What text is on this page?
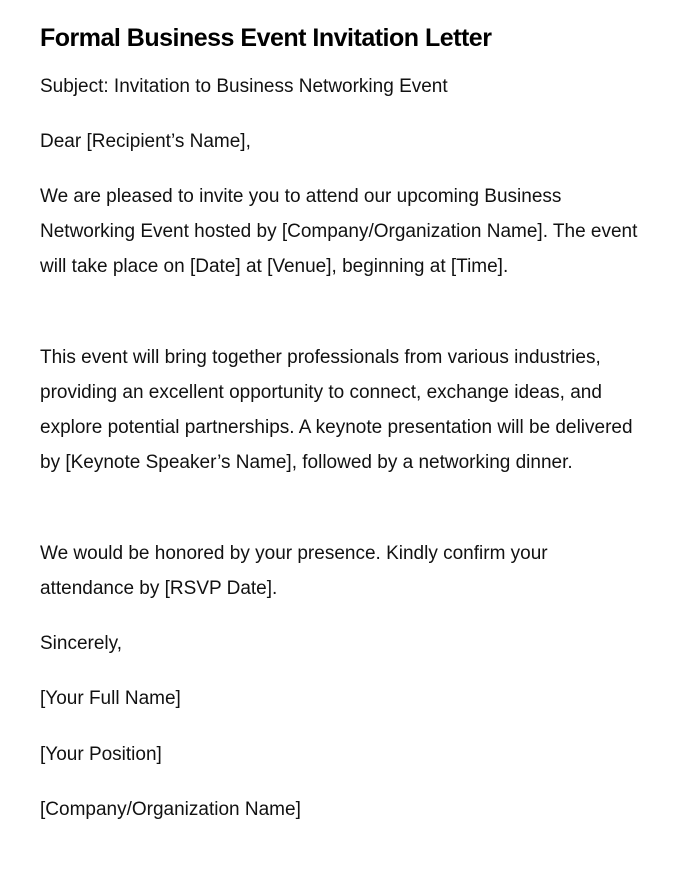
Formal Business Event Invitation Letter

Subject: Invitation to Business Networking Event

Dear [Recipient’s Name],

We are pleased to invite you to attend our upcoming Business Networking Event hosted by [Company/Organization Name]. The event will take place on [Date] at [Venue], beginning at [Time].

This event will bring together professionals from various industries, providing an excellent opportunity to connect, exchange ideas, and explore potential partnerships. A keynote presentation will be delivered by [Keynote Speaker’s Name], followed by a networking dinner.

We would be honored by your presence. Kindly confirm your attendance by [RSVP Date].

Sincerely,

[Your Full Name]

[Your Position]

[Company/Organization Name]
